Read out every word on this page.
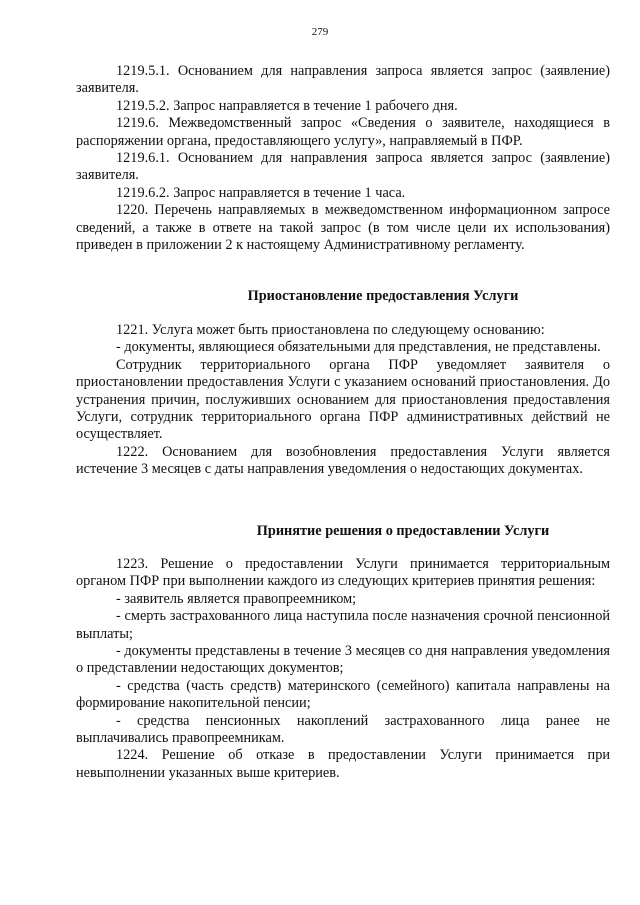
279

1219.5.1. Основанием для направления запроса является запрос (заявление) заявителя.

1219.5.2. Запрос направляется в течение 1 рабочего дня.

1219.6. Межведомственный запрос «Сведения о заявителе, находящиеся в распоряжении органа, предоставляющего услугу», направляемый в ПФР.

1219.6.1. Основанием для направления запроса является запрос (заявление) заявителя.

1219.6.2. Запрос направляется в течение 1 часа.

1220. Перечень направляемых в межведомственном информационном запросе сведений, а также в ответе на такой запрос (в том числе цели их использования) приведен в приложении 2 к настоящему Административному регламенту.

Приостановление предоставления Услуги

1221. Услуга может быть приостановлена по следующему основанию:

- документы, являющиеся обязательными для представления, не представлены.

Сотрудник территориального органа ПФР уведомляет заявителя о приостановлении предоставления Услуги с указанием оснований приостановления. До устранения причин, послуживших основанием для приостановления предоставления Услуги, сотрудник территориального органа ПФР административных действий не осуществляет.

1222. Основанием для возобновления предоставления Услуги является истечение 3 месяцев с даты направления уведомления о недостающих документах.

Принятие решения о предоставлении Услуги

1223. Решение о предоставлении Услуги принимается территориальным органом ПФР при выполнении каждого из следующих критериев принятия решения:

- заявитель является правопреемником;

- смерть застрахованного лица наступила после назначения срочной пенсионной выплаты;

- документы представлены в течение 3 месяцев со дня направления уведомления о представлении недостающих документов;

- средства (часть средств) материнского (семейного) капитала направлены на формирование накопительной пенсии;

- средства пенсионных накоплений застрахованного лица ранее не выплачивались правопреемникам.

1224. Решение об отказе в предоставлении Услуги принимается при невыполнении указанных выше критериев.
